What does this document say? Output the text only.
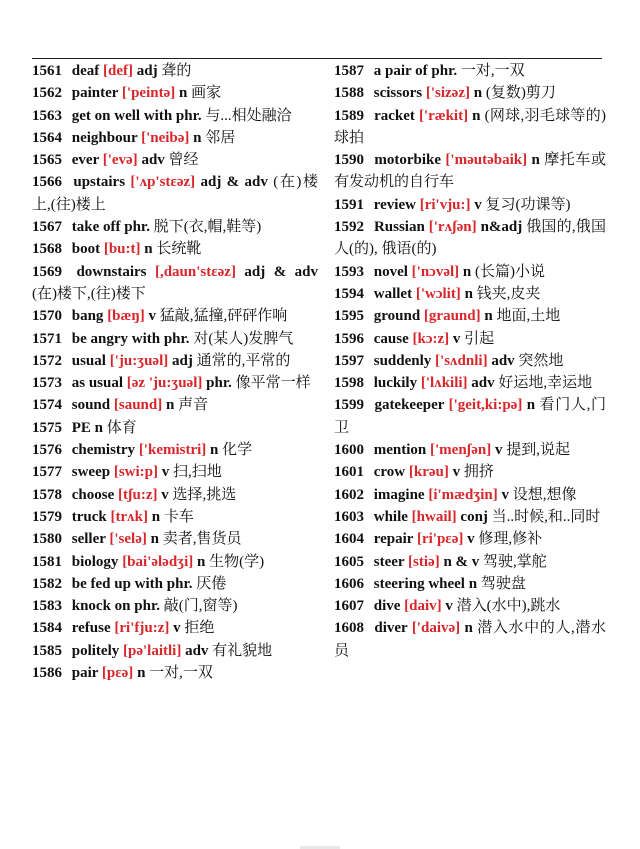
1561 deaf [def] adj 聋的

1562 painter ['peintə] n 画家

1563 get on well with phr. 与...相处融洽

1564 neighbour ['neibə] n 邻居

1565 ever ['evə] adv 曾经

1566 upstairs ['ʌp'stεəz] adj & adv (在)楼上,(往)楼上

1567 take off phr. 脱下(衣,帽,鞋等)

1568 boot [bu:t] n 长统靴

1569 downstairs [,daun'stεəz] adj & adv (在)楼下,(往)楼下

1570 bang [bæŋ] v 猛敲,猛撞,砰砰作响

1571 be angry with phr. 对(某人)发脾气

1572 usual ['ju:ʒuəl] adj 通常的,平常的

1573 as usual [əz 'ju:ʒuəl] phr. 像平常一样

1574 sound [saund] n 声音

1575 PE n 体育

1576 chemistry ['kemistri] n 化学

1577 sweep [swi:p] v 扫,扫地

1578 choose [tʃu:z] v 选择,挑选

1579 truck [trʌk] n 卡车

1580 seller ['selə] n 卖者,售货员

1581 biology [bai'ələdʒi] n 生物(学)

1582 be fed up with phr. 厌倦

1583 knock on phr. 敲(门,窗等)

1584 refuse [ri'fju:z] v 拒绝

1585 politely [pə'laitli] adv 有礼貌地

1586 pair [pεə] n 一对,一双

1587 a pair of phr. 一对,一双

1588 scissors ['sizəz] n (复数)剪刀

1589 racket ['rækit] n (网球,羽毛球等的)球拍

1590 motorbike ['məutəbaik] n 摩托车或有发动机的自行车

1591 review [ri'vju:] v 复习(功课等)

1592 Russian ['rʌʃən] n&adj 俄国的,俄国人(的), 俄语(的)

1593 novel ['nɔvəl] n (长篇)小说

1594 wallet ['wɔlit] n 钱夹,皮夹

1595 ground [graund] n 地面,土地

1596 cause [kɔ:z] v 引起

1597 suddenly ['sʌdnli] adv 突然地

1598 luckily ['lʌkili] adv 好运地,幸运地

1599 gatekeeper ['geit,ki:pə] n 看门人,门卫

1600 mention ['menʃən] v 提到,说起

1601 crow [krəu] v 拥挤

1602 imagine [i'mædʒin] v 设想,想像

1603 while [hwail] conj 当..时候,和..同时

1604 repair [ri'pεə] v 修理,修补

1605 steer [stiə] n & v 驾驶,掌舵

1606 steering wheel n 驾驶盘

1607 dive [daiv] v 潜入(水中),跳水

1608 diver ['daivə] n 潜入水中的人,潜水员
